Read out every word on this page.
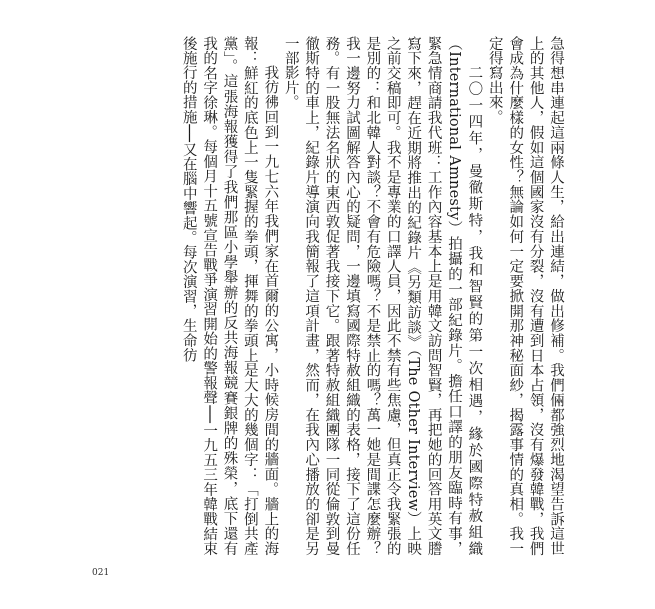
急得想串連起這兩條人生，給出連結，做出修補。我們倆都強烈地渴望告訴這世上的其他人，假如這個國家沒有分裂，沒有遭到日本占領，沒有爆發韓戰，我們會成為什麼樣的女性？無論如何一定要掀開那神秘面紗，揭露事情的真相。我一定得寫出來。

二〇一四年，曼徹斯特，我和智賢的第一次相遇，緣於國際特赦組織（International Amnesty）拍攝的一部紀錄片。擔任口譯的朋友臨時有事，緊急情商請我代班：工作內容基本上是用韓文訪問智賢，再把她的回答用英文謄寫下來，趕在近期將推出的紀錄片《另類訪談》（The Other Interview）上映之前交稿即可。我不是專業的口譯人員，因此不禁有些焦慮，但真正令我緊張的是別的：和北韓人對談？不會有危險嗎？不是禁止的嗎？萬一她是間諜怎麼辦？我一邊努力試圖解答內心的疑問，一邊填寫國際特赦組織的表格，接下了這份任務。有一股無法名狀的東西敦促著我接下它。跟著特赦組織團隊一同從倫敦到曼徹斯特的車上，紀錄片導演向我簡報了這項計畫，然而，在我內心播放的卻是另一部影片。

我彷彿回到一九七六年我們家在首爾的公寓，小時候房間的牆面。牆上的海報：鮮紅的底色上一隻緊握的拳頭，揮舞的拳頭上是大大的幾個字：「打倒共產黨」。這張海報獲得了我們那區小學舉辦的反共海報競賽銀牌的殊榮，底下還有我的名字徐琳。每個月十五號宣告戰爭演習開始的警報聲──一九五三年韓戰結束後施行的措施──又在腦中響起。每次演習，生命彷

021
